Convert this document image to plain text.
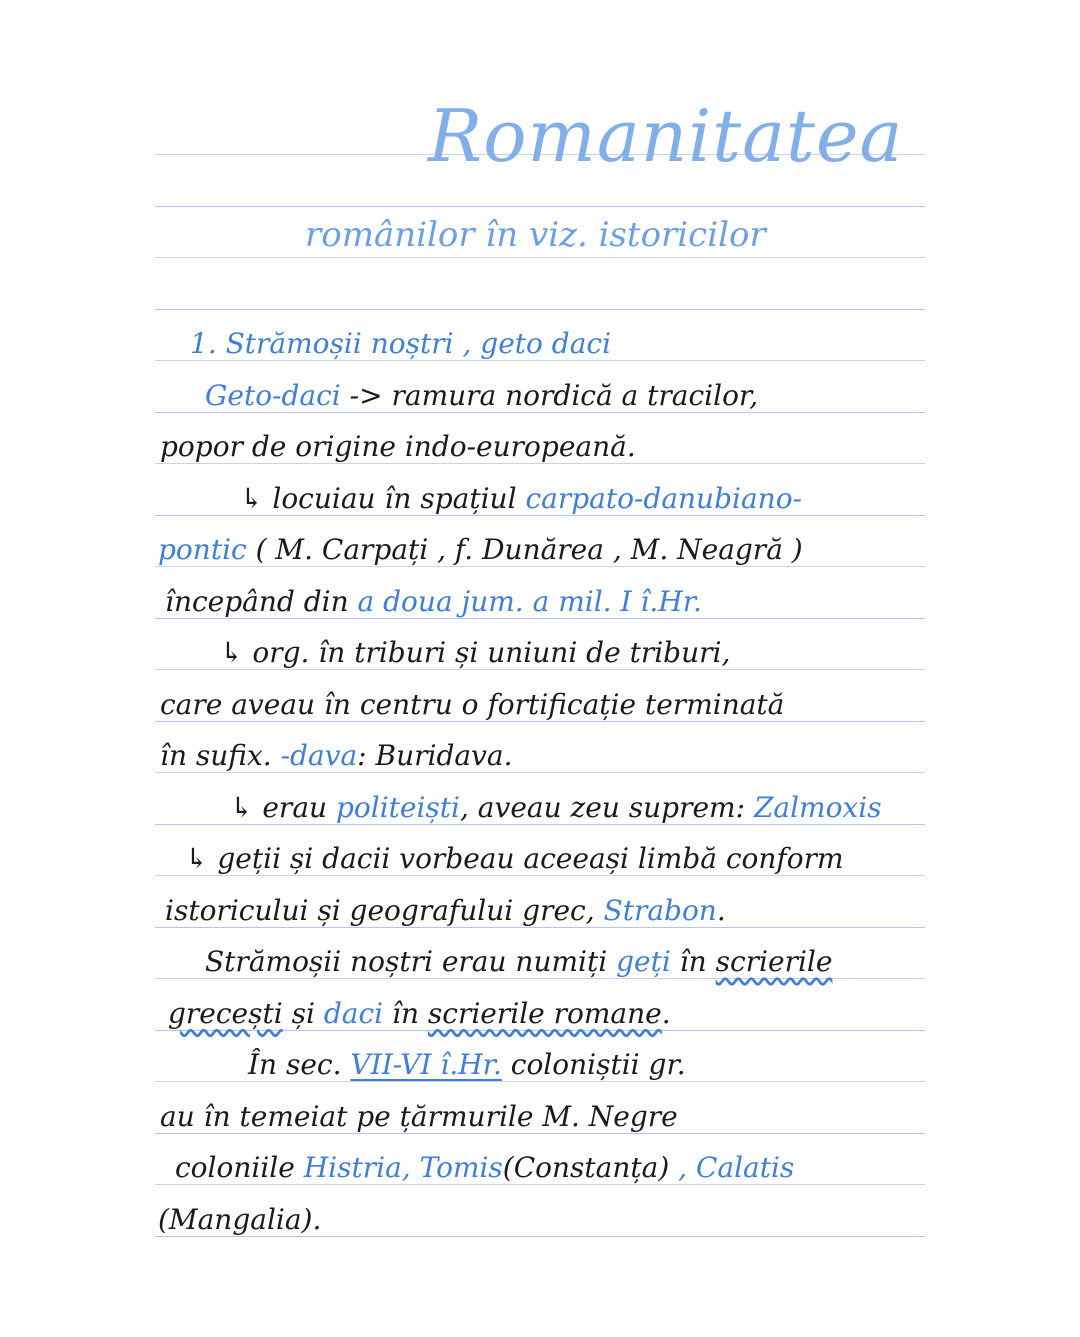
Romanitatea
românilor în viz. istoricilor
1. Strămoșii noștri , geto daci
Geto-daci -> ramura nordică a tracilor,
popor de origine indo-europeană.
↳ locuiau în spațiul carpato-danubiano-
pontic ( M. Carpați , f. Dunărea , M. Neagră )
începând din a doua jum. a mil. I î.Hr.
↳ org. în triburi și uniuni de triburi,
care aveau în centru o fortificație terminată
în sufix. -dava: Buridava.
↳ erau politeiști, aveau zeu suprem: Zalmoxis
↳ geții și dacii vorbeau aceeași limbă conform
istoricului și geografului grec, Strabon.
Strămoșii noștri erau numiți geți în scrierile
grecești și daci în scrierile romane.
În sec. VII-VI î.Hr. coloniștii gr.
au în temeiat pe țărmurile M. Negre
coloniile Histria, Tomis(Constanța) , Calatis
(Mangalia).
